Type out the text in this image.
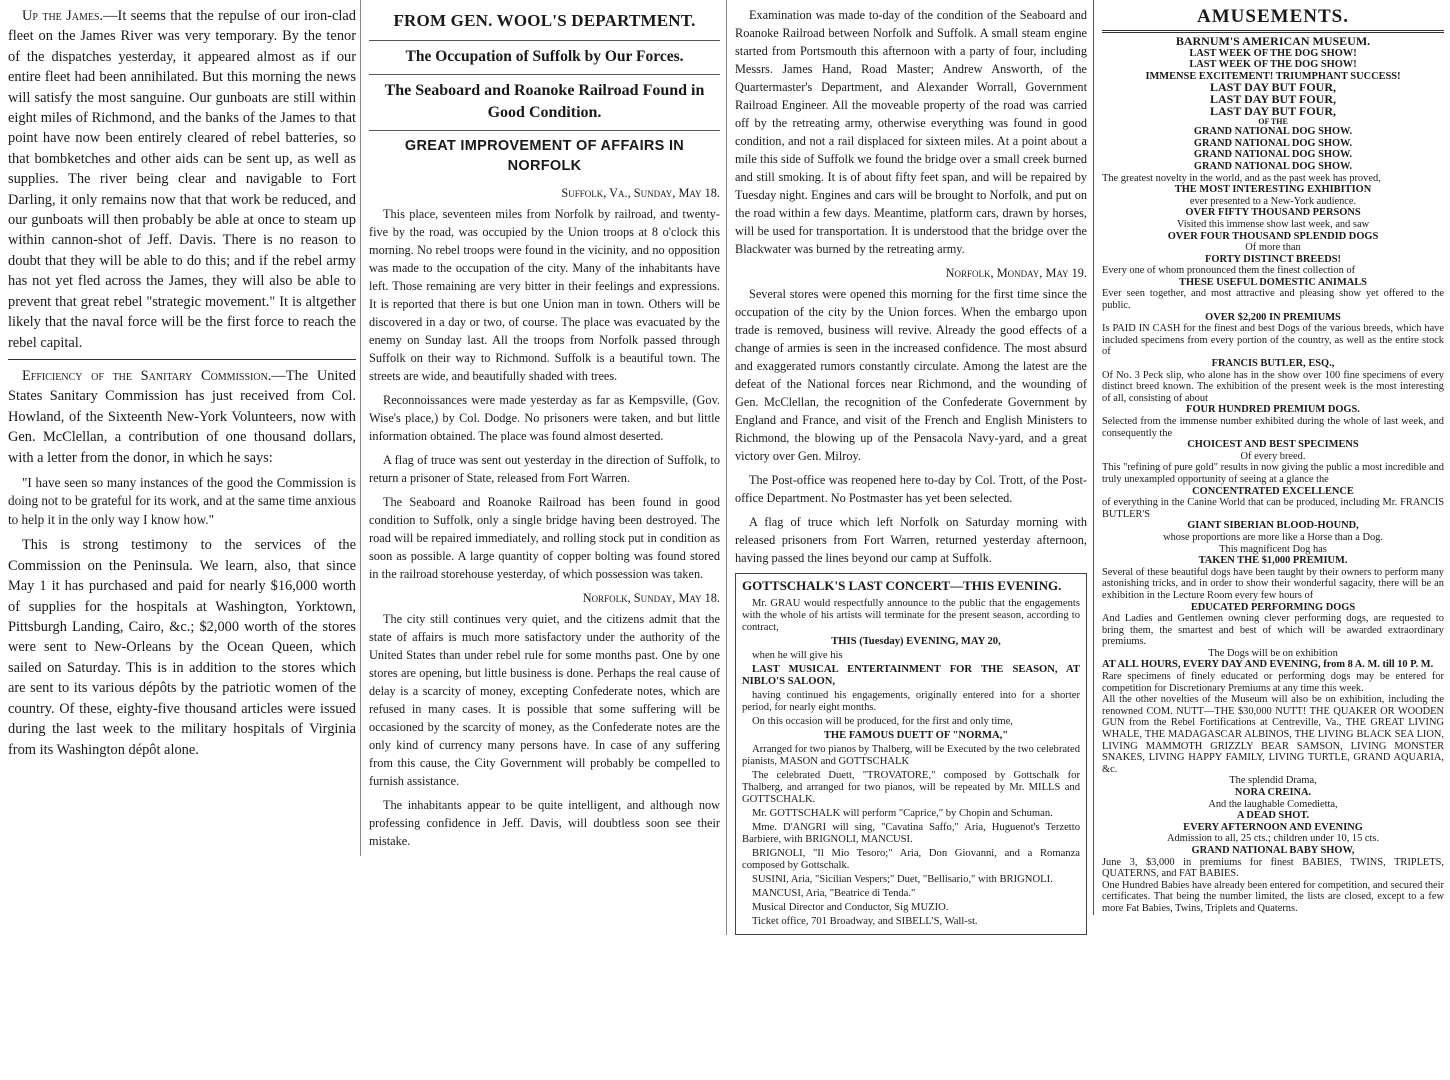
Up the James.—It seems that the repulse of our iron-clad fleet on the James River was very temporary. By the tenor of the dispatches yesterday, it appeared almost as if our entire fleet had been annihilated. But this morning the news will satisfy the most sanguine. Our gunboats are still within eight miles of Richmond, and the banks of the James to that point have now been entirely cleared of rebel batteries, so that bombketches and other aids can be sent up, as well as supplies. The river being clear and navigable to Fort Darling, it only remains now that that work be reduced, and our gunboats will then probably be able at once to steam up within cannon-shot of Jeff. Davis. There is no reason to doubt that they will be able to do this; and if the rebel army has not yet fled across the James, they will also be able to prevent that great rebel "strategic movement." It is altgether likely that the naval force will be the first force to reach the rebel capital.

Efficiency of the Sanitary Commission.—The United States Sanitary Commission has just received from Col. Howland, of the Sixteenth New-York Volunteers, now with Gen. McClellan, a contribution of one thousand dollars, with a letter from the donor, in which he says:

"I have seen so many instances of the good the Commission is doing not to be grateful for its work, and at the same time anxious to help it in the only way I know how."

This is strong testimony to the services of the Commission on the Peninsula. We learn, also, that since May 1 it has purchased and paid for nearly $16,000 worth of supplies for the hospitals at Washington, Yorktown, Pittsburgh Landing, Cairo, &c.; $2,000 worth of the stores were sent to New-Orleans by the Ocean Queen, which sailed on Saturday. This is in addition to the stores which are sent to its various dépôts by the patriotic women of the country. Of these, eighty-five thousand articles were issued during the last week to the military hospitals of Virginia from its Washington dépôt alone.

FROM GEN. WOOL'S DEPARTMENT.
The Occupation of Suffolk by Our Forces.
The Seaboard and Roanoke Railroad Found in Good Condition.
GREAT IMPROVEMENT OF AFFAIRS IN NORFOLK
Suffolk, Va., Sunday, May 18.

This place, seventeen miles from Norfolk by railroad, and twenty-five by the road, was occupied by the Union troops at 8 o'clock this morning. No rebel troops were found in the vicinity, and no opposition was made to the occupation of the city. Many of the inhabitants have left. Those remaining are very bitter in their feelings and expressions. It is reported that there is but one Union man in town. Others will be discovered in a day or two, of course. The place was evacuated by the enemy on Sunday last. All the troops from Norfolk passed through Suffolk on their way to Richmond. Suffolk is a beautiful town. The streets are wide, and beautifully shaded with trees.

Reconnoissances were made yesterday as far as Kempsville, (Gov. Wise's place,) by Col. Dodge. No prisoners were taken, and but little information obtained. The place was found almost deserted.

A flag of truce was sent out yesterday in the direction of Suffolk, to return a prisoner of State, released from Fort Warren.

The Seaboard and Roanoke Railroad has been found in good condition to Suffolk, only a single bridge having been destroyed. The road will be repaired immediately, and rolling stock put in condition as soon as possible. A large quantity of copper bolting was found stored in the railroad storehouse yesterday, of which possession was taken.

Norfolk, Sunday, May 18.

The city still continues very quiet, and the citizens admit that the state of affairs is much more satisfactory under the authority of the United States than under rebel rule for some months past. One by one stores are opening, but little business is done. Perhaps the real cause of delay is a scarcity of money, excepting Confederate notes, which are refused in many cases. It is possible that some suffering will be occasioned by the scarcity of money, as the Confederate notes are the only kind of currency many persons have. In case of any suffering from this cause, the City Government will probably be compelled to furnish assistance.

The inhabitants appear to be quite intelligent, and although now professing confidence in Jeff. Davis, will doubtless soon see their mistake.

Examination was made to-day of the condition of the Seaboard and Roanoke Railroad between Norfolk and Suffolk. A small steam engine started from Portsmouth this afternoon with a party of four, including Messrs. James Hand, Road Master; Andrew Answorth, of the Quartermaster's Department, and Alexander Worrall, Government Railroad Engineer. All the moveable property of the road was carried off by the retreating army, otherwise everything was found in good condition, and not a rail displaced for sixteen miles. At a point about a mile this side of Suffolk we found the bridge over a small creek burned and still smoking. It is of about fifty feet span, and will be repaired by Tuesday night. Engines and cars will be brought to Norfolk, and put on the road within a few days. Meantime, platform cars, drawn by horses, will be used for transportation. It is understood that the bridge over the Blackwater was burned by the retreating army.

Norfolk, Monday, May 19.

Several stores were opened this morning for the first time since the occupation of the city by the Union forces. When the embargo upon trade is removed, business will revive. Already the good effects of a change of armies is seen in the increased confidence. The most absurd and exaggerated rumors constantly circulate. Among the latest are the defeat of the National forces near Richmond, and the wounding of Gen. McClellan, the recognition of the Confederate Government by England and France, and visit of the French and English Ministers to Richmond, the blowing up of the Pensacola Navy-yard, and a great victory over Gen. Milroy.

The Post-office was reopened here to-day by Col. Trott, of the Post-office Department. No Postmaster has yet been selected.

A flag of truce which left Norfolk on Saturday morning with released prisoners from Fort Warren, returned yesterday afternoon, having passed the lines beyond our camp at Suffolk.

GOTTSCHALK'S LAST CONCERT—THIS EVENING.

Mr. GRAU would respectfully announce to the public that the engagements with the whole of his artists will terminate for the present season, according to contract,

THIS (Tuesday) EVENING, MAY 20,

when he will give his

LAST MUSICAL ENTERTAINMENT FOR THE SEASON, AT NIBLO'S SALOON,

having continued his engagements, originally entered into for a shorter period, for nearly eight months.

On this occasion will be produced, for the first and only time,

THE FAMOUS DUETT OF "NORMA,"

Arranged for two pianos by Thalberg, will be Executed by the two celebrated pianists, MASON and GOTTSCHALK

The celebrated Duett, "TROVATORE," composed by Gottschalk for Thalberg, and arranged for two pianos, will be repeated by Mr. MILLS and GOTTSCHALK.

Mr. GOTTSCHALK will perform "Caprice," by Chopin and Schuman.

Mme. D'ANGRI will sing, "Cavatina Saffo," Aria, Huguenot's Terzetto Barbiere, with BRIGNOLI, MANCUSI.

BRIGNOLI, "Il Mio Tesoro;" Aria, Don Giovanni, and a Romanza composed by Gottschalk.

SUSINI, Aria, "Sicilian Vespers;" Duet, "Bellisario," with BRIGNOLI.

MANCUSI, Aria, "Beatrice di Tenda."

Musical Director and Conductor, Sig MUZIO.

Ticket office, 701 Broadway, and SIBELL'S, Wall-st.

AMUSEMENTS.
BARNUM'S AMERICAN MUSEUM.
LAST WEEK OF THE DOG SHOW!
LAST WEEK OF THE DOG SHOW!
IMMENSE EXCITEMENT! TRIUMPHANT SUCCESS!
LAST DAY BUT FOUR,
LAST DAY BUT FOUR,
LAST DAY BUT FOUR,
OF THE
GRAND NATIONAL DOG SHOW.
GRAND NATIONAL DOG SHOW.
GRAND NATIONAL DOG SHOW.
GRAND NATIONAL DOG SHOW.
The greatest novelty in the world, and as the past week has proved,
THE MOST INTERESTING EXHIBITION
ever presented to a New-York audience.
OVER FIFTY THOUSAND PERSONS
Visited this immense show last week, and saw
OVER FOUR THOUSAND SPLENDID DOGS
Of more than
FORTY DISTINCT BREEDS!
Every one of whom pronounced them the finest collection of
THESE USEFUL DOMESTIC ANIMALS
Ever seen together, and most attractive and pleasing show yet offered to the public.
OVER $2,200 IN PREMIUMS
Is PAID IN CASH for the finest and best Dogs of the various breeds, which have included specimens from every portion of the country, as well as the entire stock of
FRANCIS BUTLER, ESQ.,
Of No. 3 Peck slip, who alone has in the show over 100 fine specimens of every distinct breed known. The exhibition of the present week is the most interesting of all, consisting of about
FOUR HUNDRED PREMIUM DOGS.
Selected from the immense number exhibited during the whole of last week, and consequently the
CHOICEST AND BEST SPECIMENS
Of every breed.
This "refining of pure gold" results in now giving the public a most incredible and truly unexampled opportunity of seeing at a glance the
CONCENTRATED EXCELLENCE
of everything in the Canine World that can be produced, including Mr. FRANCIS BUTLER'S
GIANT SIBERIAN BLOOD-HOUND,
whose proportions are more like a Horse than a Dog.
This magnificent Dog has
TAKEN THE $1,000 PREMIUM.
Several of these beautiful dogs have been taught by their owners to perform many astonishing tricks, and in order to show their wonderful sagacity, there will be an exhibition in the Lecture Room every few hours of
EDUCATED PERFORMING DOGS
And Ladies and Gentlemen owning clever performing dogs, are requested to bring them, the smartest and best of which will be awarded extraordinary premiums.
The Dogs will be on exhibition
AT ALL HOURS, EVERY DAY AND EVENING, from 8 A. M. till 10 P. M.
Rare specimens of finely educated or performing dogs may be entered for competition for Discretionary Premiums at any time this week.
All the other novelties of the Museum will also be on exhibition, including the renowned COM. NUTT—THE $30,000 NUTT! THE QUAKER OR WOODEN GUN from the Rebel Fortifications at Centreville, Va., THE GREAT LIVING WHALE, THE MADAGASCAR ALBINOS, THE LIVING BLACK SEA LION, LIVING MAMMOTH GRIZZLY BEAR SAMSON, LIVING MONSTER SNAKES, LIVING HAPPY FAMILY, LIVING TURTLE, GRAND AQUARIA, &c.
The splendid Drama,
NORA CREINA.
And the laughable Comedietta,
A DEAD SHOT.
EVERY AFTERNOON AND EVENING
Admission to all, 25 cts.; children under 10, 15 cts.
GRAND NATIONAL BABY SHOW,
June 3, $3,000 in premiums for finest BABIES, TWINS, TRIPLETS, QUATERNS, and FAT BABIES.
One Hundred Babies have already been entered for competition, and secured their certificates. That being the number limited, the lists are closed, except to a few more Fat Babies, Twins, Triplets and Quaterns.
